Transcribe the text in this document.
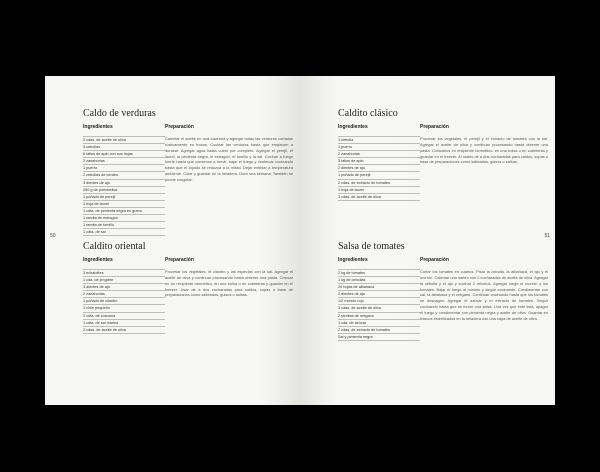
50
Caldo de verduras
Ingredientes
2 cdas. de aceite de oliva
3 cebollas
6 tallos de apio con sus hojas
2 zanahorias
1 puerro
2 cebollas de verdeo
3 dientes de ajo
250 g de portobellos
1 puñado de perejil
1 hoja de laurel
1 cdta. de pimienta negra en grano
1 ramita de estragón
1 ramita de tomillo
1 cdta. de sal
Preparación

Calentar el aceite en una cacerola y agregar todas las verduras cortadas rústicamente en trozos. Cocinar las verduras hasta que empiecen a dorarse. Agregar agua hasta cubrir por completo. Agregar el perejil, el laurel, la pimienta negra, el estragón, el tomillo y la sal. Cocinar a fuego fuerte hasta que comience a hervir, bajar el fuego y continuar cocinando hasta que el líquido se reduzca a la mitad. Dejar entibiar a temperatura ambiente. Colar y guardar en la heladera. Dura una semana. También se puede congelar.

Caldito oriental
Ingredientes
3 echalottes
1 cda. de jengibre
3 dientes de ajo
2 zanahorias
1 puñado de cilantro
1 chile pequeño
1 cdta. de cúrcuma
1 cdta. de sal marina
2 cdas. de aceite de oliva
Preparación

Procesar los vegetales, el cilantro y las especias con la sal. Agregar el aceite de oliva y continuar procesando hasta obtener una pasta. Colocar en un recipiente hermético, en una bolsa o en cubeteras y guardar en el freezer. Usar de a dos cucharadas para caldos, sopas o base de preparaciones como salteados, guisos o salsas.

51
Caldito clásico
Ingredientes
1 cebolla
1 puerro
2 zanahorias
3 tallos de apio
2 dientes de ajo
1 puñado de perejil
2 cdas. de extracto de tomates
1 hoja de laurel
3 cdas. de aceite de oliva
Preparación

Procesar los vegetales, el perejil y el extracto de tomates con la sal. Agregar el aceite de oliva y continuar procesando hasta obtener una pasta. Colocarlos en recipiente hermético, en una bolsa o en cubeteras y guardar en el freezer. Al usarlo de a dos cucharadas para caldos, sopas o base de preparaciones como salteados, guisos o salsas.

Salsa de tomates
Ingredientes
2 kg de tomates
1 kg de cebollas
20 hojas de albahaca
2 dientes de ajo
1/2 morrón rojo
3 cdas. de aceite de oliva
2 ramitas de orégano
1 cda. de azúcar
2 cdas. de extracto de tomates
Sal y pimienta negra
Preparación

Cortar los tomates en cuartos. Pisar la cebolla, la albahaca, el ajo y el morrón. Calentar una sartén con 2 cucharadas de aceite de oliva. Agregar la cebolla y el ajo y cocinar 2 minutos. Agregar luego el morrón y los tomates. Bajar el fuego al mínimo y seguir cocinando. Condimentar con sal, la albahaca y el orégano. Continuar cocinando hasta que los tomates se deshagan. Agregar el azúcar y el extracto de tomates. Seguir cocinando hasta que se forme una salsa. Una vez que esté lista, apagar el fuego y condimentar con pimienta negra y aceite de oliva. Guardar en frascos esterilizados en la heladera con una capa de aceite de oliva.
